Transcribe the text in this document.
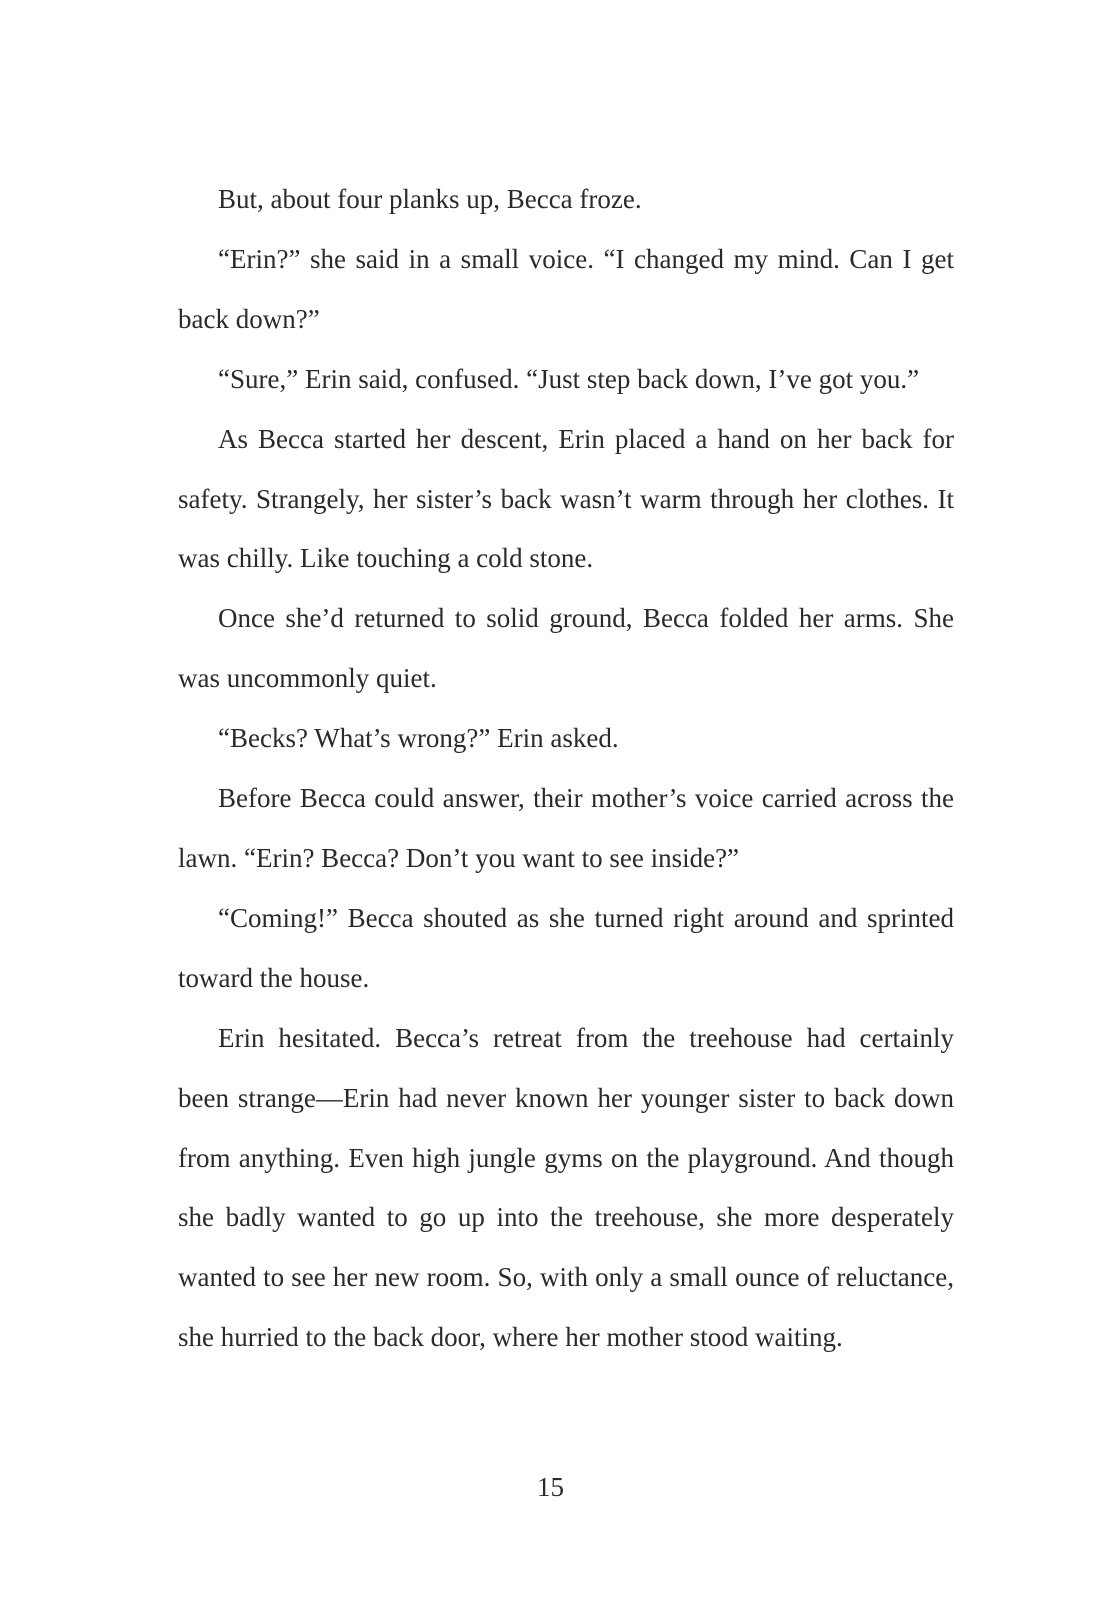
But, about four planks up, Becca froze.

“Erin?” she said in a small voice. “I changed my mind. Can I get back down?”

“Sure,” Erin said, confused. “Just step back down, I’ve got you.”

As Becca started her descent, Erin placed a hand on her back for safety. Strangely, her sister’s back wasn’t warm through her clothes. It was chilly. Like touching a cold stone.

Once she’d returned to solid ground, Becca folded her arms. She was uncommonly quiet.

“Becks? What’s wrong?” Erin asked.

Before Becca could answer, their mother’s voice carried across the lawn. “Erin? Becca? Don’t you want to see inside?”

“Coming!” Becca shouted as she turned right around and sprinted toward the house.

Erin hesitated. Becca’s retreat from the treehouse had certainly been strange—Erin had never known her younger sister to back down from anything. Even high jungle gyms on the playground. And though she badly wanted to go up into the treehouse, she more desperately wanted to see her new room. So, with only a small ounce of reluctance, she hurried to the back door, where her mother stood waiting.

15
